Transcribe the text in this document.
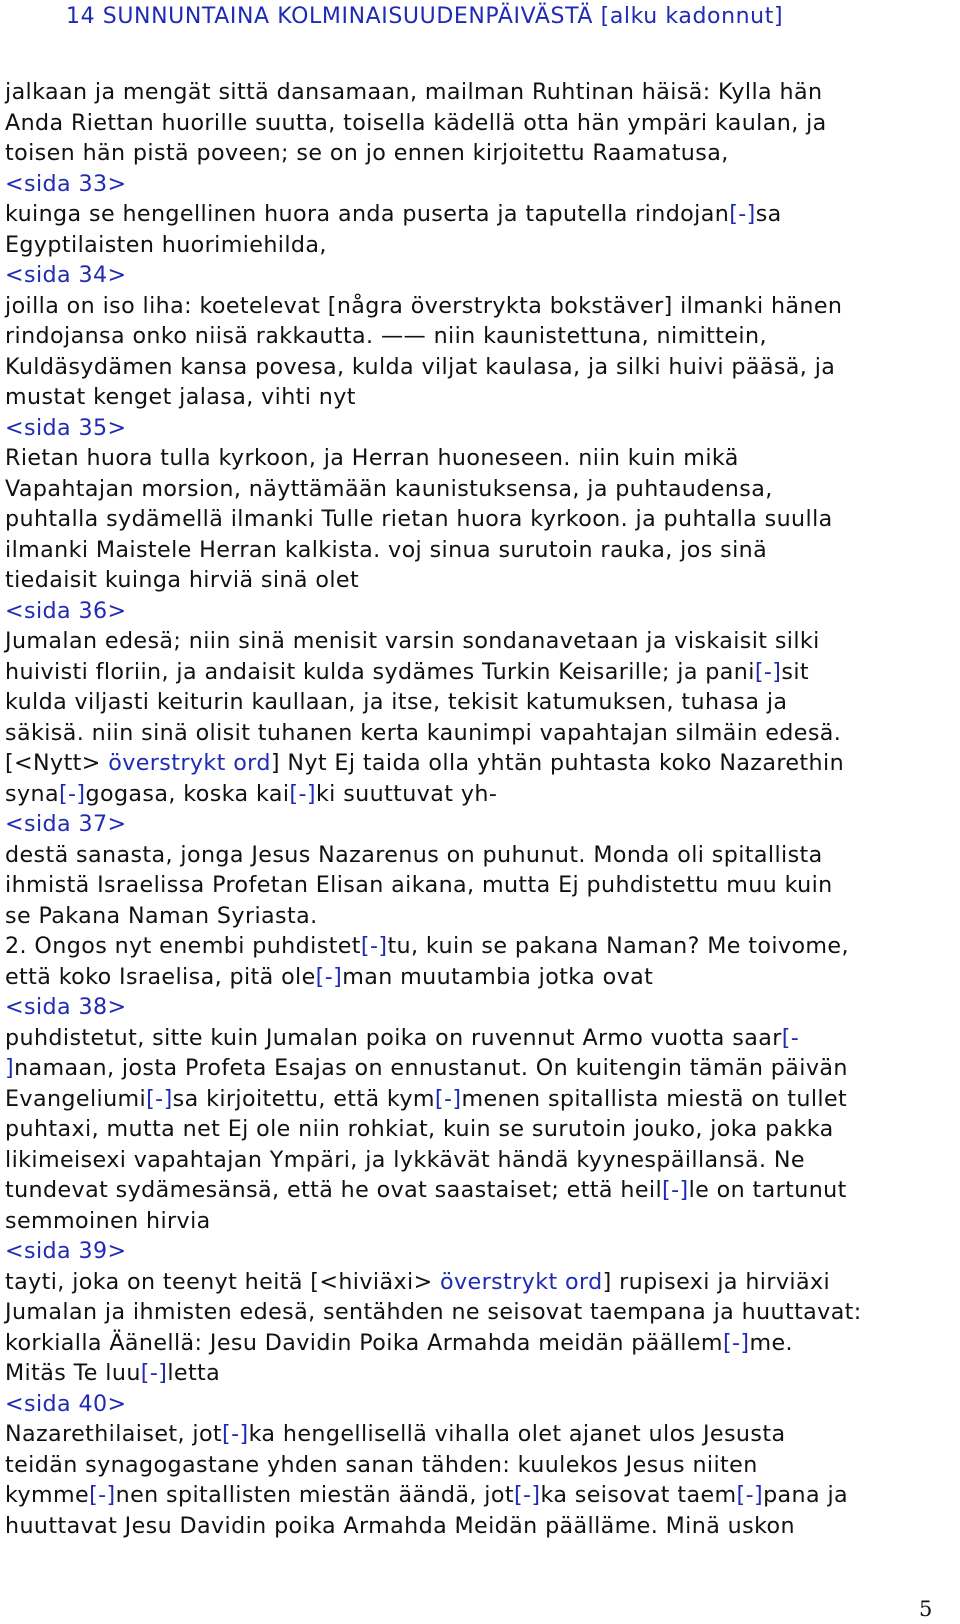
14 SUNNUNTAINA KOLMINAISUUDENPÄIVÄSTÄ [alku kadonnut]
jalkaan ja mengät sittä dansamaan, mailman Ruhtinan häisä: Kylla hän
Anda Riettan huorille suutta, toisella kädellä otta hän ympäri kaulan, ja
toisen hän pistä poveen; se on jo ennen kirjoitettu Raamatusa,
<sida 33>
kuinga se hengellinen huora anda puserta ja taputella rindojan[-]sa
Egyptilaisten huorimiehilda,
<sida 34>
joilla on iso liha: koetelevat [några överstrykta bokstäver] ilmanki hänen
rindojansa onko niisä rakkautta. —— niin kaunistettuna, nimittein,
Kuldäsydämen kansa povesa, kulda viljat kaulasa, ja silki huivi pääsä, ja
mustat kenget jalasa, vihti nyt
<sida 35>
Rietan huora tulla kyrkoon, ja Herran huoneseen. niin kuin mikä
Vapahtajan morsion, näyttämään kaunistuksensa, ja puhtaudensa,
puhtalla sydämellä ilmanki Tulle rietan huora kyrkoon. ja puhtalla suulla
ilmanki Maistele Herran kalkista. voj sinua surutoin rauka, jos sinä
tiedaisit kuinga hirviä sinä olet
<sida 36>
Jumalan edesä; niin sinä menisit varsin sondanavetaan ja viskaisit silki
huivisti floriin, ja andaisit kulda sydämes Turkin Keisarille; ja pani[-]sit
kulda viljasti keiturin kaullaan, ja itse, tekisit katumuksen, tuhasa ja
säkisä. niin sinä olisit tuhanen kerta kaunimpi vapahtajan silmäin edesä.
[<Nytt> överstrykt ord] Nyt Ej taida olla yhtän puhtasta koko Nazarethin
syna[-]gogasa, koska kai[-]ki suuttuvat yh-
<sida 37>
destä sanasta, jonga Jesus Nazarenus on puhunut. Monda oli spitallista
ihmistä Israelissa Profetan Elisan aikana, mutta Ej puhdistettu muu kuin
se Pakana Naman Syriasta.
2. Ongos nyt enembi puhdistet[-]tu, kuin se pakana Naman? Me toivome,
että koko Israelisa, pitä ole[-]man muutambia jotka ovat
<sida 38>
puhdistetut, sitte kuin Jumalan poika on ruvennut Armo vuotta saar[-
]namaan, josta Profeta Esajas on ennustanut. On kuitengin tämän päivän
Evangeliumi[-]sa kirjoitettu, että kym[-]menen spitallista miestä on tullet
puhtaxi, mutta net Ej ole niin rohkiat, kuin se surutoin jouko, joka pakka
likimeisexi vapahtajan Ympäri, ja lykkävät händä kyynespäillansä. Ne
tundevat sydämesänsä, että he ovat saastaiset; että heil[-]le on tartunut
semmoinen hirvia
<sida 39>
tayti, joka on teenyt heitä [<hiviäxi> överstrykt ord] rupisexi ja hirviäxi
Jumalan ja ihmisten edesä, sentähden ne seisovat taempana ja huuttavat:
korkialla Äänellä: Jesu Davidin Poika Armahda meidän päällem[-]me.
Mitäs Te luu[-]letta
<sida 40>
Nazarethilaiset, jot[-]ka hengellisellä vihalla olet ajanet ulos Jesusta
teidän synagogastane yhden sanan tähden: kuulekos Jesus niiten
kymme[-]nen spitallisten miestän äändä, jot[-]ka seisovat taem[-]pana ja
huuttavat Jesu Davidin poika Armahda Meidän päällämе. Minä uskon
5
